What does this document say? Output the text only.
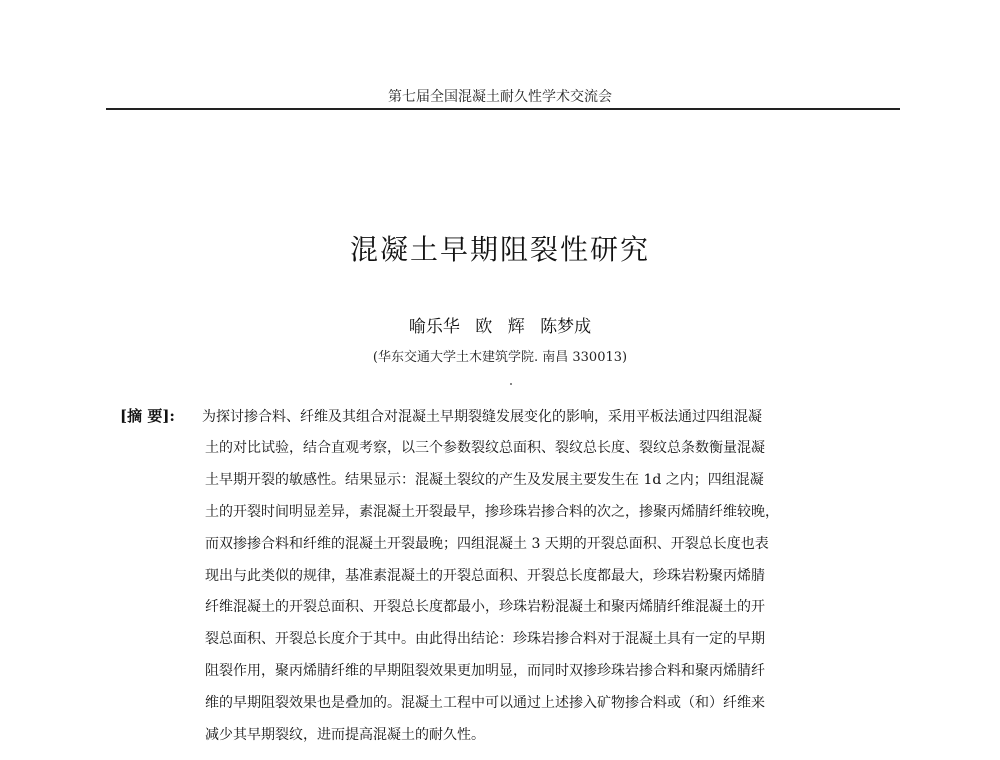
第七届全国混凝土耐久性学术交流会
混凝土早期阻裂性研究
喻乐华 欧 辉 陈梦成
(华东交通大学土木建筑学院. 南昌 330013)
[摘 要]:	为探讨掺合料、纤维及其组合对混凝土早期裂缝发展变化的影响，采用平板法通过四组混凝
土的对比试验，结合直观考察，以三个参数裂纹总面积、裂纹总长度、裂纹总条数衡量混凝
土早期开裂的敏感性。结果显示：混凝土裂纹的产生及发展主要发生在 1d 之内；四组混凝
土的开裂时间明显差异，素混凝土开裂最早，掺珍珠岩掺合料的次之，掺聚丙烯腈纤维较晚，
而双掺掺合料和纤维的混凝土开裂最晚；四组混凝土 3 天期的开裂总面积、开裂总长度也表
现出与此类似的规律，基准素混凝土的开裂总面积、开裂总长度都最大，珍珠岩粉聚丙烯腈
纤维混凝土的开裂总面积、开裂总长度都最小，珍珠岩粉混凝土和聚丙烯腈纤维混凝土的开
裂总面积、开裂总长度介于其中。由此得出结论：珍珠岩掺合料对于混凝土具有一定的早期
阻裂作用，聚丙烯腈纤维的早期阻裂效果更加明显，而同时双掺珍珠岩掺合料和聚丙烯腈纤
维的早期阻裂效果也是叠加的。混凝土工程中可以通过上述掺入矿物掺合料或（和）纤维来
减少其早期裂纹，进而提高混凝土的耐久性。
